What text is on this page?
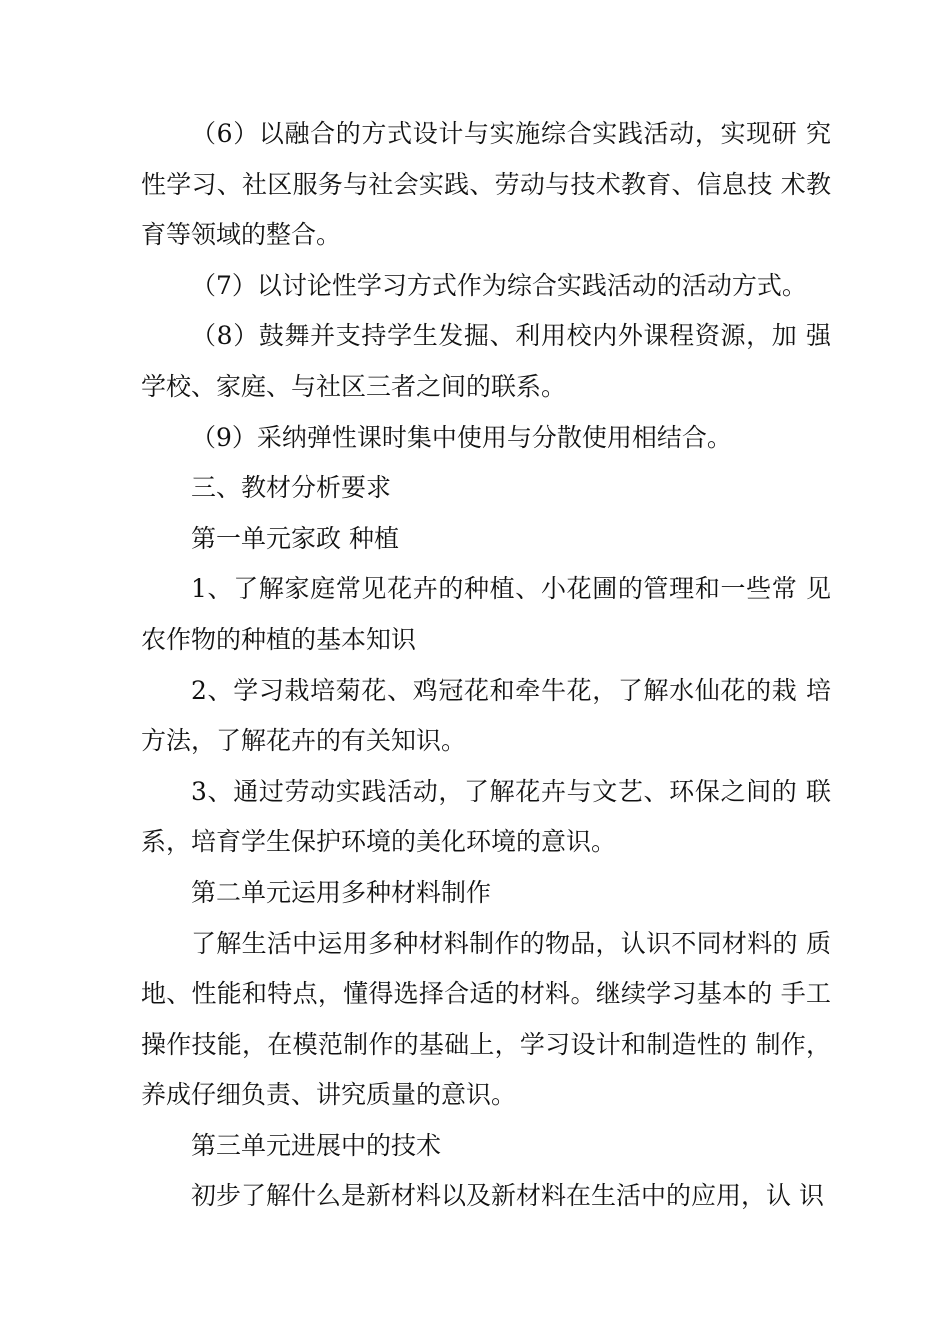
（6）以融合的方式设计与实施综合实践活动，实现研 究性学习、社区服务与社会实践、劳动与技术教育、信息技 术教育等领域的整合。

（7）以讨论性学习方式作为综合实践活动的活动方式。

（8）鼓舞并支持学生发掘、利用校内外课程资源，加 强学校、家庭、与社区三者之间的联系。

（9）采纳弹性课时集中使用与分散使用相结合。

三、教材分析要求

第一单元家政 种植

1、了解家庭常见花卉的种植、小花圃的管理和一些常 见农作物的种植的基本知识

2、学习栽培菊花、鸡冠花和牵牛花，了解水仙花的栽 培方法，了解花卉的有关知识。

3、通过劳动实践活动，了解花卉与文艺、环保之间的 联系，培育学生保护环境的美化环境的意识。

第二单元运用多种材料制作

了解生活中运用多种材料制作的物品，认识不同材料的 质地、性能和特点，懂得选择合适的材料。继续学习基本的 手工操作技能，在模范制作的基础上，学习设计和制造性的 制作，养成仔细负责、讲究质量的意识。

第三单元进展中的技术

初步了解什么是新材料以及新材料在生活中的应用，认 识
